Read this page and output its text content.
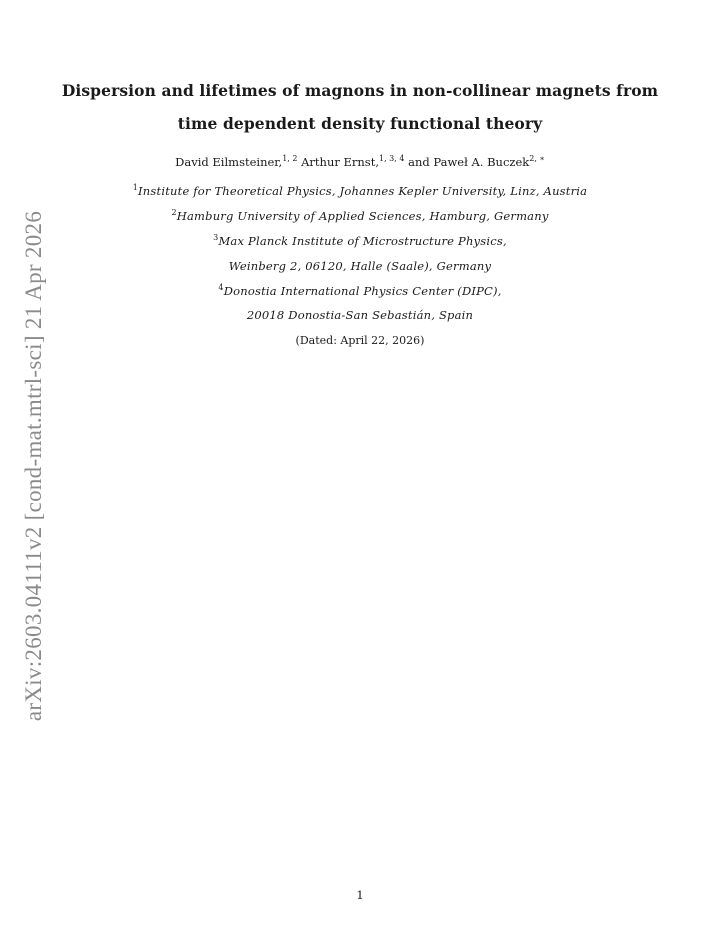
Dispersion and lifetimes of magnons in non-collinear magnets from
time dependent density functional theory
David Eilmsteiner,$^{1, 2}$ Arthur Ernst,$^{1, 3, 4}$ and Paweł A. Buczek$^{2, ∗}$
$^1$Institute for Theoretical Physics, Johannes Kepler University, Linz, Austria
$^2$Hamburg University of Applied Sciences, Hamburg, Germany
$^3$Max Planck Institute of Microstructure Physics,
Weinberg 2, 06120, Halle (Saale), Germany
$^4$Donostia International Physics Center (DIPC),
20018 Donostia-San Sebastián, Spain
(Dated: April 22, 2026)
arXiv:2603.04111v2 [cond-mat.mtrl-sci] 21 Apr 2026
1
